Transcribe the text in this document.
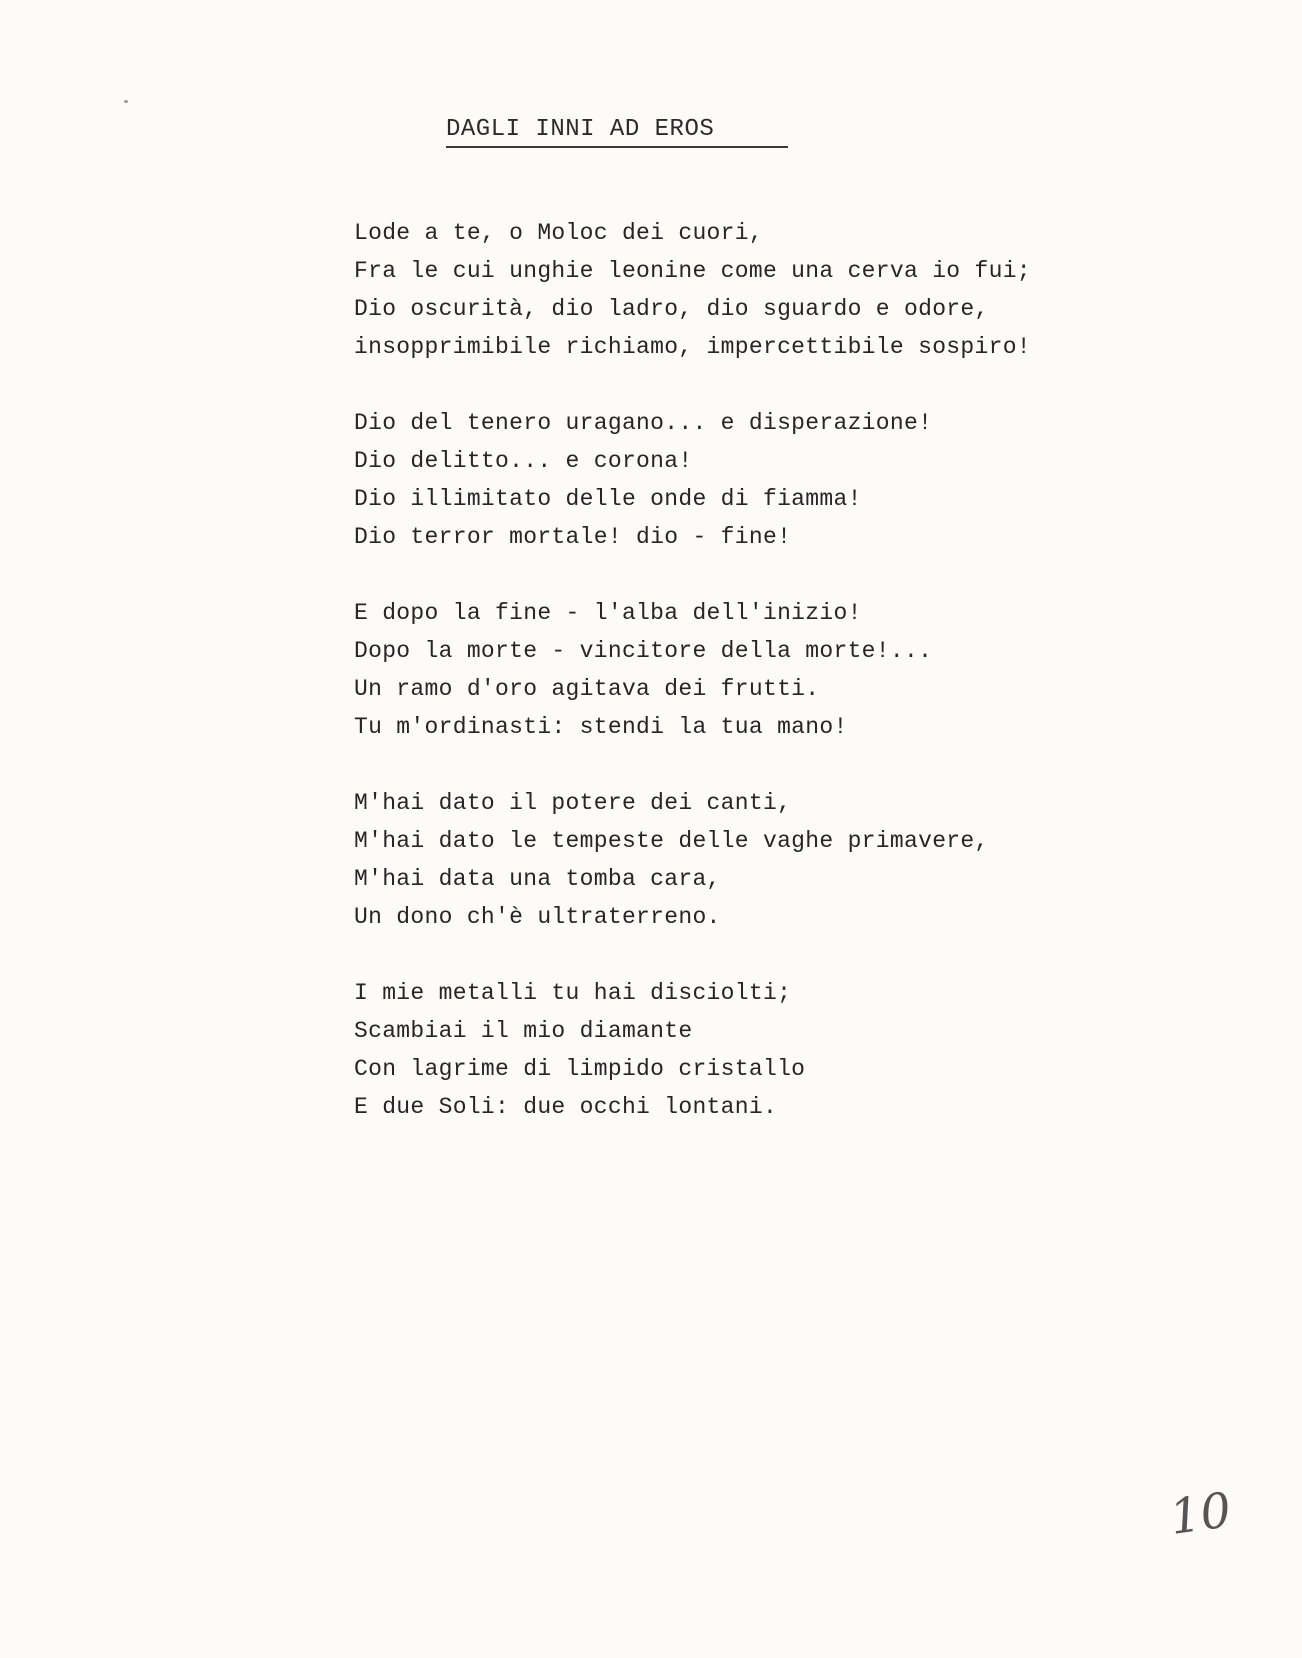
DAGLI INNI AD EROS
Lode a te, o Moloc dei cuori,
Fra le cui unghie leonine come una cerva io fui;
Dio oscurità, dio ladro, dio sguardo e odore,
insopprimibile richiamo, impercettibile sospiro!
Dio del tenero uragano... e disperazione!
Dio delitto... e corona!
Dio illimitato delle onde di fiamma!
Dio terror mortale! dio - fine!
E dopo la fine - l'alba dell'inizio!
Dopo la morte - vincitore della morte!...
Un ramo d'oro agitava dei frutti.
Tu m'ordinasti: stendi la tua mano!
M'hai dato il potere dei canti,
M'hai dato le tempeste delle vaghe primavere,
M'hai data una tomba cara,
Un dono ch'è ultraterreno.
I mie metalli tu hai disciolti;
Scambiai il mio diamante
Con lagrime di limpido cristallo
E due Soli: due occhi lontani.
10
